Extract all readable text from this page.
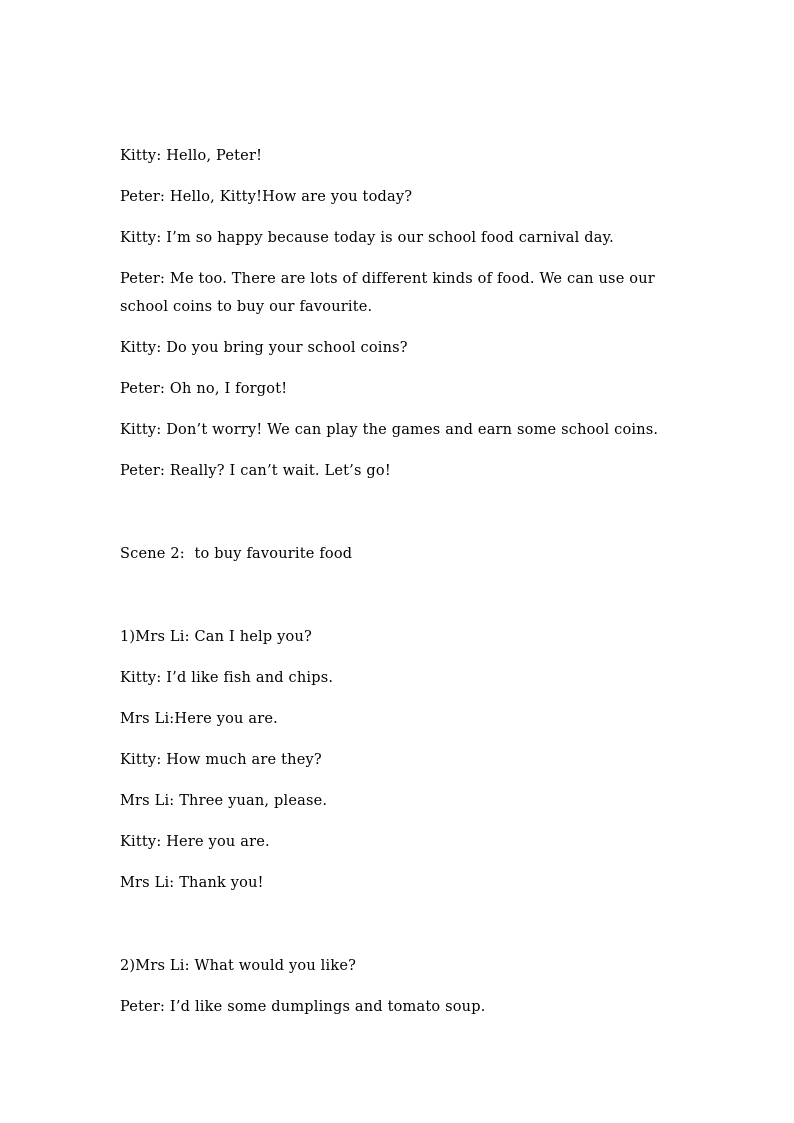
Kitty: Hello, Peter!
Peter: Hello, Kitty!How are you today?
Kitty: I’m so happy because today is our school food carnival day.
Peter: Me too. There are lots of different kinds of food. We can use our school coins to buy our favourite.
Kitty: Do you bring your school coins?
Peter: Oh no, I forgot!
Kitty: Don’t worry! We can play the games and earn some school coins.
Peter: Really? I can’t wait. Let’s go!
Scene 2:  to buy favourite food
1)Mrs Li: Can I help you?
Kitty: I’d like fish and chips.
Mrs Li:Here you are.
Kitty: How much are they?
Mrs Li: Three yuan, please.
Kitty: Here you are.
Mrs Li: Thank you!
2)Mrs Li: What would you like?
Peter: I’d like some dumplings and tomato soup.
